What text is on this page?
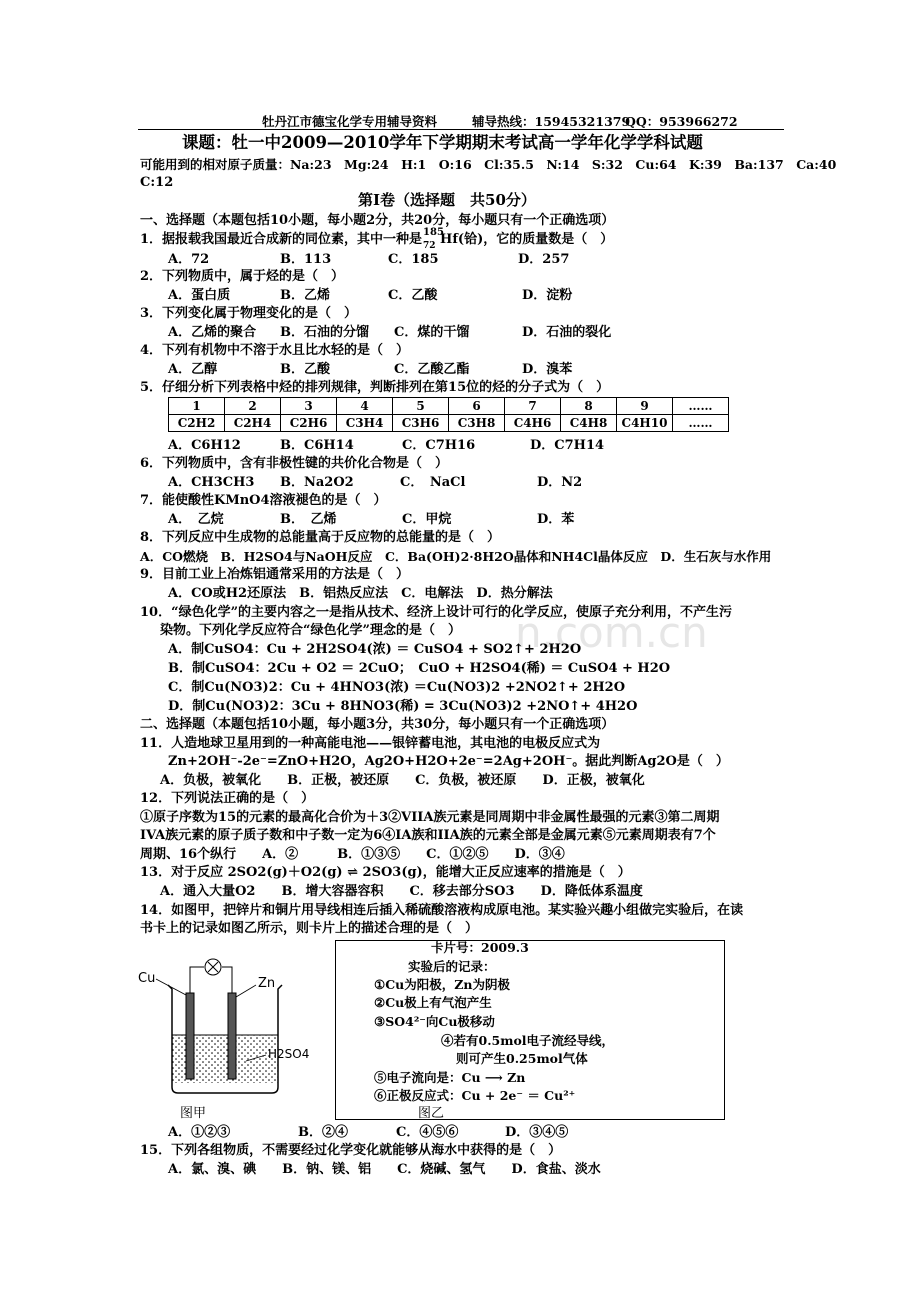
n.com.cn
牡丹江市德宝化学专用辅导资料	辅导热线：15945321379
QQ：953966272
课题：牡一中2009—2010学年下学期期末考试高一学年化学学科试题
可能用到的相对原子质量：Na:23　Mg:24　H:1　O:16　Cl:35.5　N:14　S:32　Cu:64　K:39　Ba:137　Ca:40
C:12
第Ⅰ卷（选择题　共50分）
一、选择题（本题包括10小题，每小题2分，共20分，每小题只有一个正确选项）
1．据报载我国最近合成新的同位素，其中一种是 185
72 Hf(铪)，它的质量数是（　）
A．72	B．113	C．185	D．257
2．下列物质中，属于烃的是（　）
A．蛋白质	B．乙烯	C．乙酸	D．淀粉
3．下列变化属于物理变化的是（　）
A．乙烯的聚合 B．石油的分馏 C．煤的干馏	D．石油的裂化
4．下列有机物中不溶于水且比水轻的是（　）
A．乙醇	B．乙酸	C．乙酸乙酯	D．溴苯
5．仔细分析下列表格中烃的排列规律，判断排列在第15位的烃的分子式为（　）
1	2	3	4	5	6	7	8	9	……
C2H2	C2H4	C2H6	C3H4	C3H6	C3H8	C4H6	C4H8	C4H10	……
A．C6H12	B．C6H14	C．C7H16	D．C7H14
6．下列物质中，含有非极性键的共价化合物是（　）
A．CH3CH3 B．Na2O2	C．　NaCl	D．N2
7．能使酸性KMnO4溶液褪色的是（　）
A．　乙烷	B．　乙烯	C．甲烷	D．苯
8．下列反应中生成物的总能量高于反应物的总能量的是（　）
A．CO燃烧　B．H2SO4与NaOH反应　C．Ba(OH)2·8H2O晶体和NH4Cl晶体反应　D．生石灰与水作用
9．目前工业上冶炼铝通常采用的方法是（　）
A．CO或H2还原法　B．铝热反应法　C．电解法　D．热分解法
10．“绿色化学”的主要内容之一是指从技术、经济上设计可行的化学反应，使原子充分利用，不产生污
染物。下列化学反应符合“绿色化学”理念的是（　）
A．制CuSO4：Cu + 2H2SO4(浓) ＝ CuSO4 + SO2↑+ 2H2O
B．制CuSO4：2Cu + O2 ＝ 2CuO；　CuO + H2SO4(稀) ＝ CuSO4 + H2O
C．制Cu(NO3)2：Cu + 4HNO3(浓) ＝Cu(NO3)2 +2NO2↑+ 2H2O
D．制Cu(NO3)2：3Cu + 8HNO3(稀) = 3Cu(NO3)2 +2NO↑+ 4H2O
二、选择题（本题包括10小题，每小题3分，共30分，每小题只有一个正确选项）
11．人造地球卫星用到的一种高能电池——银锌蓄电池，其电池的电极反应式为
Zn+2OH⁻-2e⁻=ZnO+H2O，Ag2O+H2O+2e⁻=2Ag+2OH⁻。据此判断Ag2O是（　）
A．负极，被氧化　　B．正极，被还原　　C．负极，被还原　　D．正极，被氧化
12．下列说法正确的是（　）
①原子序数为15的元素的最高化合价为＋3②VIIA族元素是同周期中非金属性最强的元素③第二周期
IVA族元素的原子质子数和中子数一定为6④IA族和IIA族的元素全部是金属元素⑤元素周期表有7个
周期、16个纵行　　A．②　　　B．①③⑤　　C．①②⑤　　D．③④
13．对于反应 2SO2(g)＋O2(g) ⇌ 2SO3(g)，能增大正反应速率的措施是（　）
A．通入大量O2　　B．增大容器容积　　C．移去部分SO3　　D．降低体系温度
14．如图甲，把锌片和铜片用导线相连后插入稀硫酸溶液构成原电池。某实验兴趣小组做完实验后，在读
书卡上的记录如图乙所示，则卡片上的描述合理的是（　）
Cu	Zn
H2SO4
图甲	图乙
卡片号：2009.3
实验后的记录：
①Cu为阳极，Zn为阴极
②Cu极上有气泡产生
③SO4²⁻向Cu极移动
④若有0.5mol电子流经导线，
则可产生0.25mol气体
⑤电子流向是：Cu ⟶ Zn
⑥正极反应式：Cu + 2e⁻ ＝ Cu²⁺
A．①②③	B．②④	C．④⑤⑥	D．③④⑤
15．下列各组物质，不需要经过化学变化就能够从海水中获得的是（　）
A．氯、溴、碘　　B．钠、镁、铝　　C．烧碱、氢气　　D．食盐、淡水
